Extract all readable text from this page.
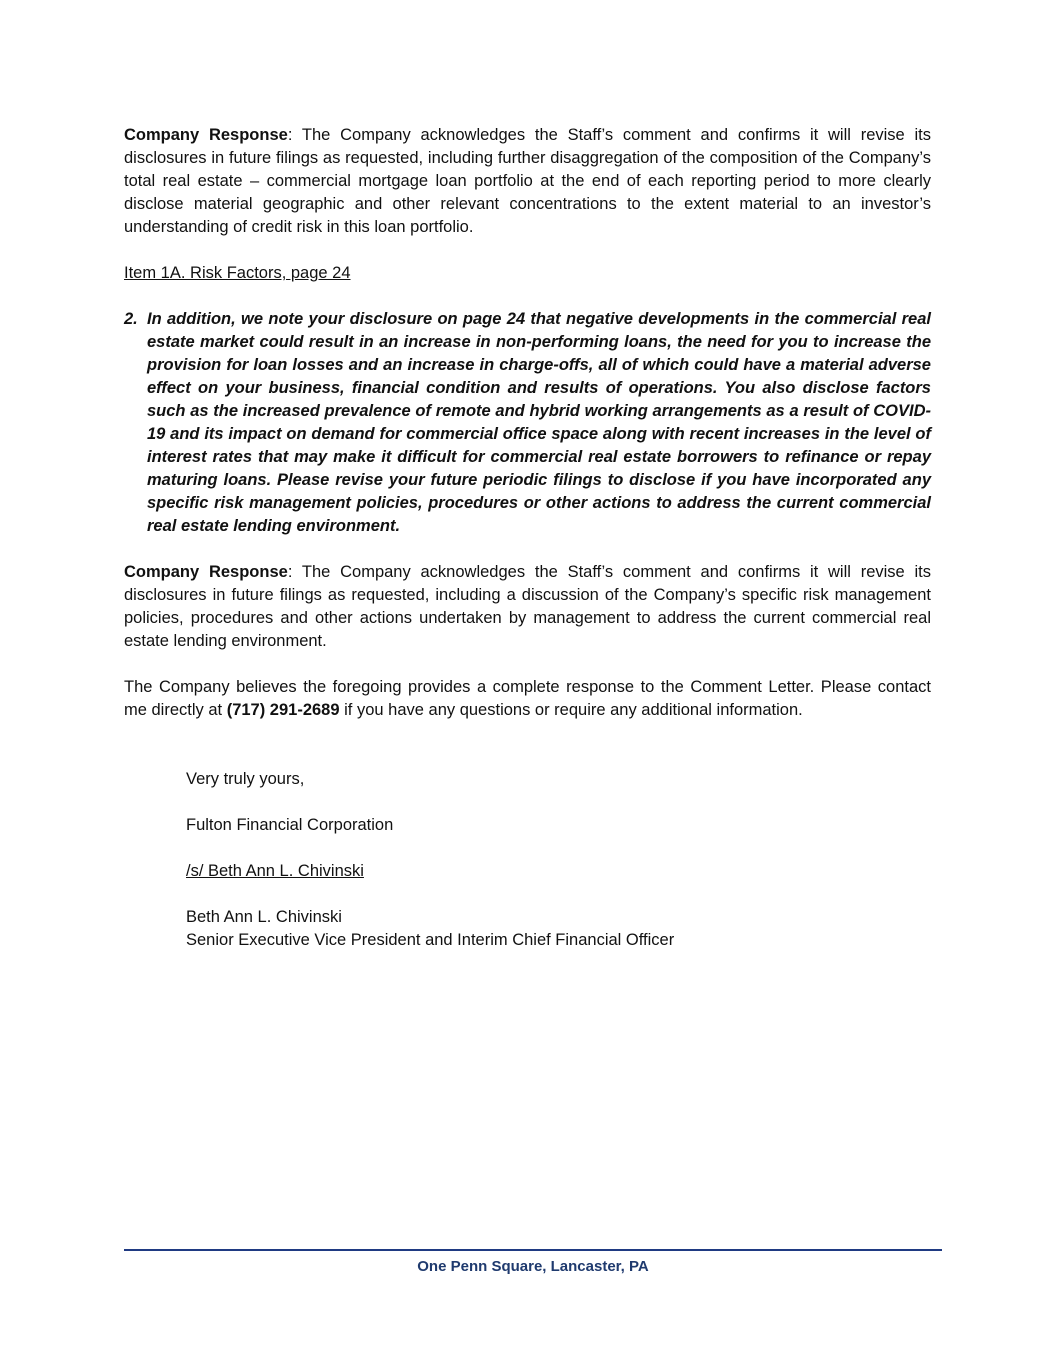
Company Response: The Company acknowledges the Staff’s comment and confirms it will revise its disclosures in future filings as requested, including further disaggregation of the composition of the Company’s total real estate – commercial mortgage loan portfolio at the end of each reporting period to more clearly disclose material geographic and other relevant concentrations to the extent material to an investor’s understanding of credit risk in this loan portfolio.

Item 1A. Risk Factors, page 24

2. In addition, we note your disclosure on page 24 that negative developments in the commercial real estate market could result in an increase in non-performing loans, the need for you to increase the provision for loan losses and an increase in charge-offs, all of which could have a material adverse effect on your business, financial condition and results of operations. You also disclose factors such as the increased prevalence of remote and hybrid working arrangements as a result of COVID-19 and its impact on demand for commercial office space along with recent increases in the level of interest rates that may make it difficult for commercial real estate borrowers to refinance or repay maturing loans. Please revise your future periodic filings to disclose if you have incorporated any specific risk management policies, procedures or other actions to address the current commercial real estate lending environment.

Company Response: The Company acknowledges the Staff’s comment and confirms it will revise its disclosures in future filings as requested, including a discussion of the Company’s specific risk management policies, procedures and other actions undertaken by management to address the current commercial real estate lending environment.

The Company believes the foregoing provides a complete response to the Comment Letter. Please contact me directly at (717) 291-2689 if you have any questions or require any additional information.

Very truly yours,

Fulton Financial Corporation

/s/ Beth Ann L. Chivinski

Beth Ann L. Chivinski

Senior Executive Vice President and Interim Chief Financial Officer

One Penn Square, Lancaster, PA
